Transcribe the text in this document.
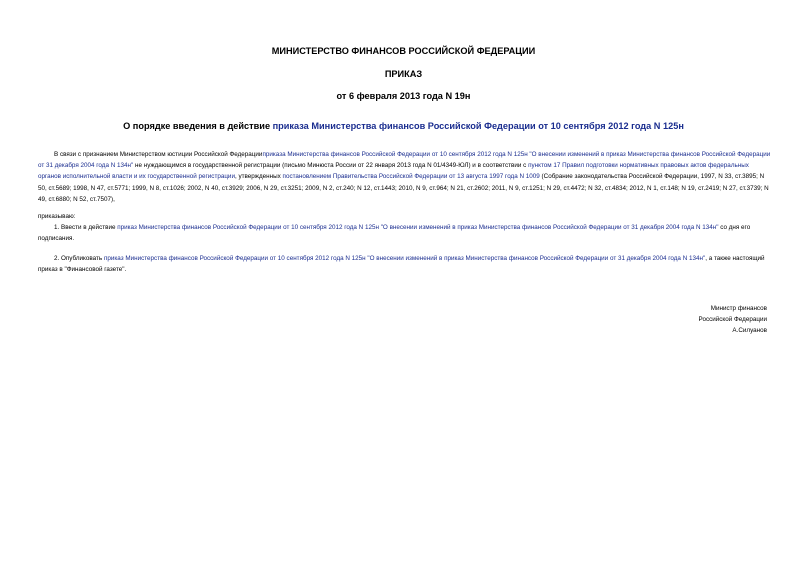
МИНИСТЕРСТВО ФИНАНСОВ РОССИЙСКОЙ ФЕДЕРАЦИИ
ПРИКАЗ
от 6 февраля 2013 года N 19н
О порядке введения в действие приказа Министерства финансов Российской Федерации от 10 сентября 2012 года N 125н
В связи с признанием Министерством юстиции Российской Федерацииприказа Министерства финансов Российской Федерации от 10 сентября 2012 года N 125н "О внесении изменений в приказ Министерства финансов Российской Федерации от 31 декабря 2004 года N 134н" не нуждающимся в государственной регистрации (письмо Минюста России от 22 января 2013 года N 01/4349-ЮЛ) и в соответствии с пунктом 17 Правил подготовки нормативных правовых актов федеральных органов исполнительной власти и их государственной регистрации, утвержденных постановлением Правительства Российской Федерации от 13 августа 1997 года N 1009 (Собрание законодательства Российской Федерации, 1997, N 33, ст.3895; N 50, ст.5689; 1998, N 47, ст.5771; 1999, N 8, ст.1026; 2002, N 40, ст.3929; 2006, N 29, ст.3251; 2009, N 2, ст.240; N 12, ст.1443; 2010, N 9, ст.964; N 21, ст.2602; 2011, N 9, ст.1251; N 29, ст.4472; N 32, ст.4834; 2012, N 1, ст.148; N 19, ст.2419; N 27, ст.3739; N 49, ст.6880; N 52, ст.7507),
приказываю:
1. Ввести в действие приказ Министерства финансов Российской Федерации от 10 сентября 2012 года N 125н "О внесении изменений в приказ Министерства финансов Российской Федерации от 31 декабря 2004 года N 134н" со дня его подписания.
2. Опубликовать приказ Министерства финансов Российской Федерации от 10 сентября 2012 года N 125н "О внесении изменений в приказ Министерства финансов Российской Федерации от 31 декабря 2004 года N 134н", а также настоящий приказ в "Финансовой газете".
Министр финансов
Российской Федерации
А.Силуанов
